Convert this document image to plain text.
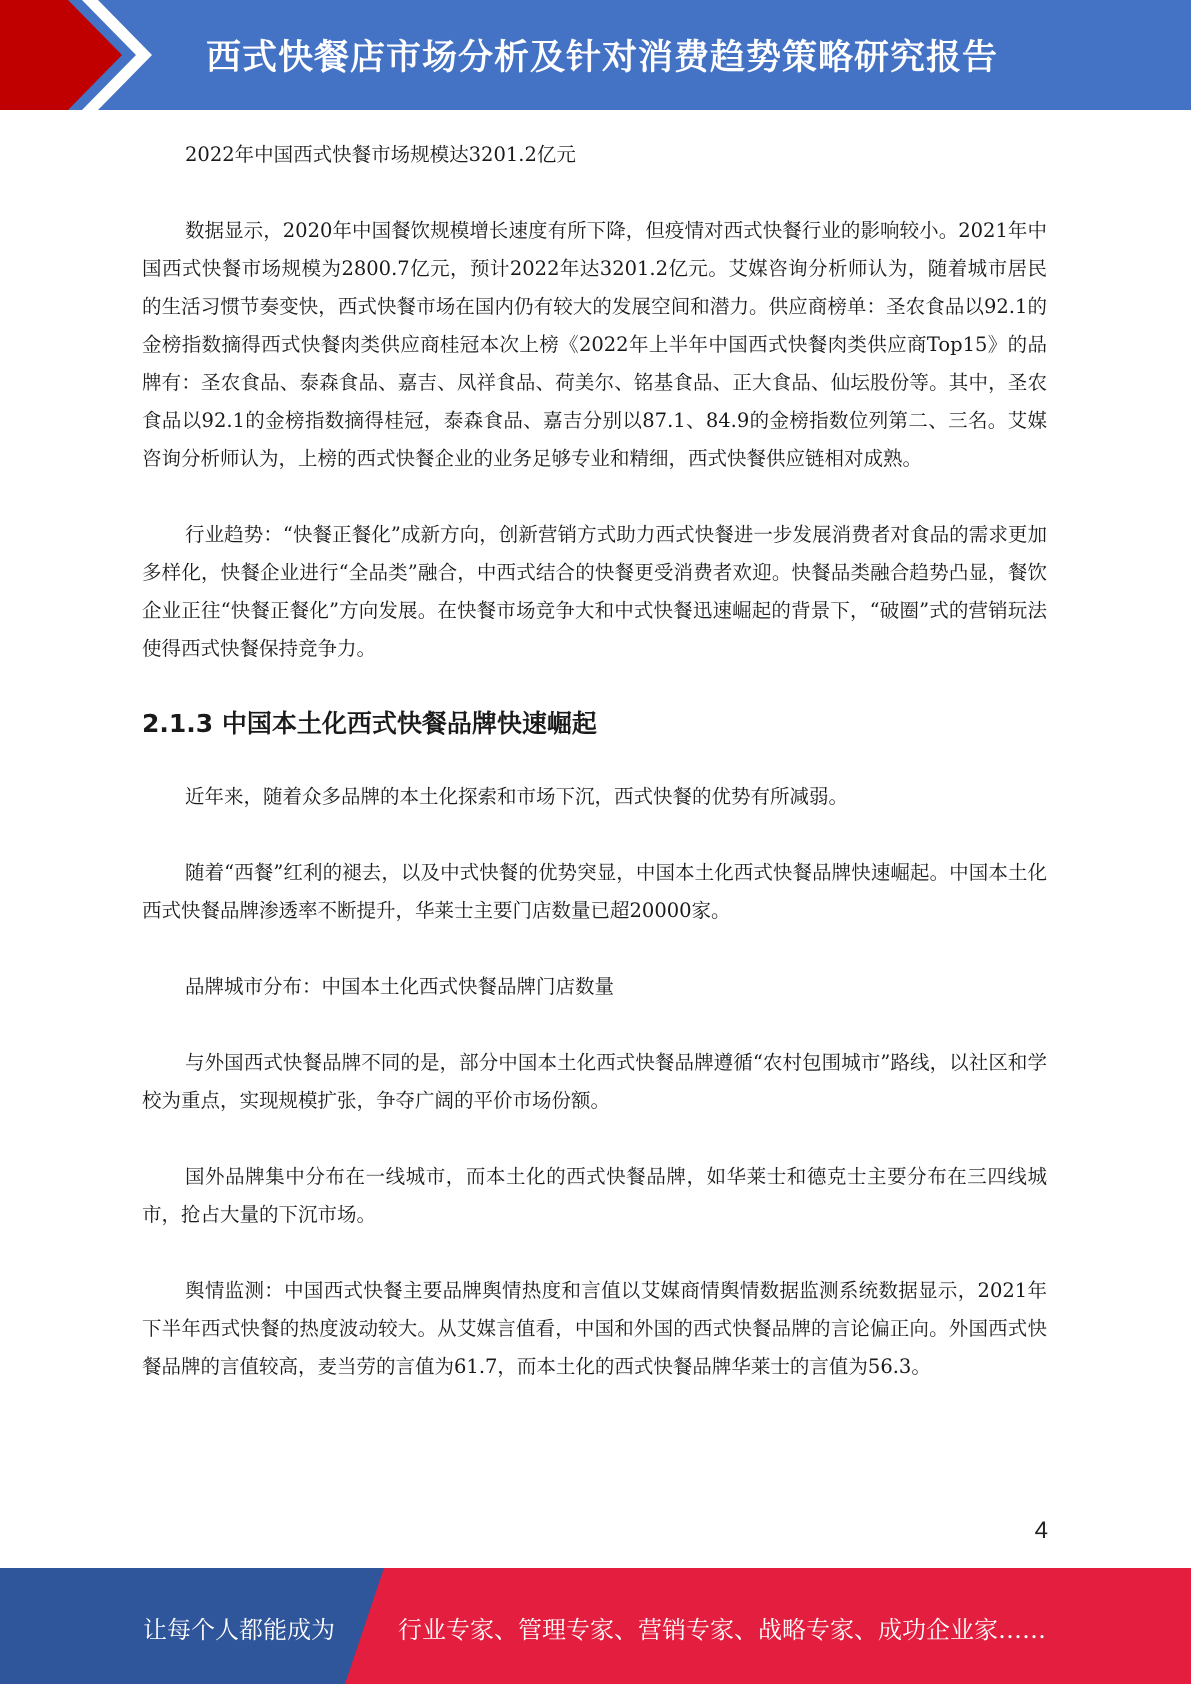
西式快餐店市场分析及针对消费趋势策略研究报告

2022年中国西式快餐市场规模达3201.2亿元

数据显示，2020年中国餐饮规模增长速度有所下降，但疫情对西式快餐行业的影响较小。2021年中国西式快餐市场规模为2800.7亿元，预计2022年达3201.2亿元。艾媒咨询分析师认为，随着城市居民的生活习惯节奏变快，西式快餐市场在国内仍有较大的发展空间和潜力。供应商榜单：圣农食品以92.1的金榜指数摘得西式快餐肉类供应商桂冠本次上榜《2022年上半年中国西式快餐肉类供应商Top15》的品牌有：圣农食品、泰森食品、嘉吉、凤祥食品、荷美尔、铭基食品、正大食品、仙坛股份等。其中，圣农食品以92.1的金榜指数摘得桂冠，泰森食品、嘉吉分别以87.1、84.9的金榜指数位列第二、三名。艾媒咨询分析师认为，上榜的西式快餐企业的业务足够专业和精细，西式快餐供应链相对成熟。

行业趋势：“快餐正餐化”成新方向，创新营销方式助力西式快餐进一步发展消费者对食品的需求更加多样化，快餐企业进行“全品类”融合，中西式结合的快餐更受消费者欢迎。快餐品类融合趋势凸显，餐饮企业正往“快餐正餐化”方向发展。在快餐市场竞争大和中式快餐迅速崛起的背景下，“破圈”式的营销玩法使得西式快餐保持竞争力。

2.1.3 中国本土化西式快餐品牌快速崛起

近年来，随着众多品牌的本土化探索和市场下沉，西式快餐的优势有所减弱。

随着“西餐”红利的褪去，以及中式快餐的优势突显，中国本土化西式快餐品牌快速崛起。中国本土化西式快餐品牌渗透率不断提升，华莱士主要门店数量已超20000家。

品牌城市分布：中国本土化西式快餐品牌门店数量

与外国西式快餐品牌不同的是，部分中国本土化西式快餐品牌遵循“农村包围城市”路线，以社区和学校为重点，实现规模扩张，争夺广阔的平价市场份额。

国外品牌集中分布在一线城市，而本土化的西式快餐品牌，如华莱士和德克士主要分布在三四线城市，抢占大量的下沉市场。

舆情监测：中国西式快餐主要品牌舆情热度和言值以艾媒商情舆情数据监测系统数据显示，2021年下半年西式快餐的热度波动较大。从艾媒言值看，中国和外国的西式快餐品牌的言论偏正向。外国西式快餐品牌的言值较高，麦当劳的言值为61.7，而本土化的西式快餐品牌华莱士的言值为56.3。

4
让每个人都能成为	行业专家、管理专家、营销专家、战略专家、成功企业家……
